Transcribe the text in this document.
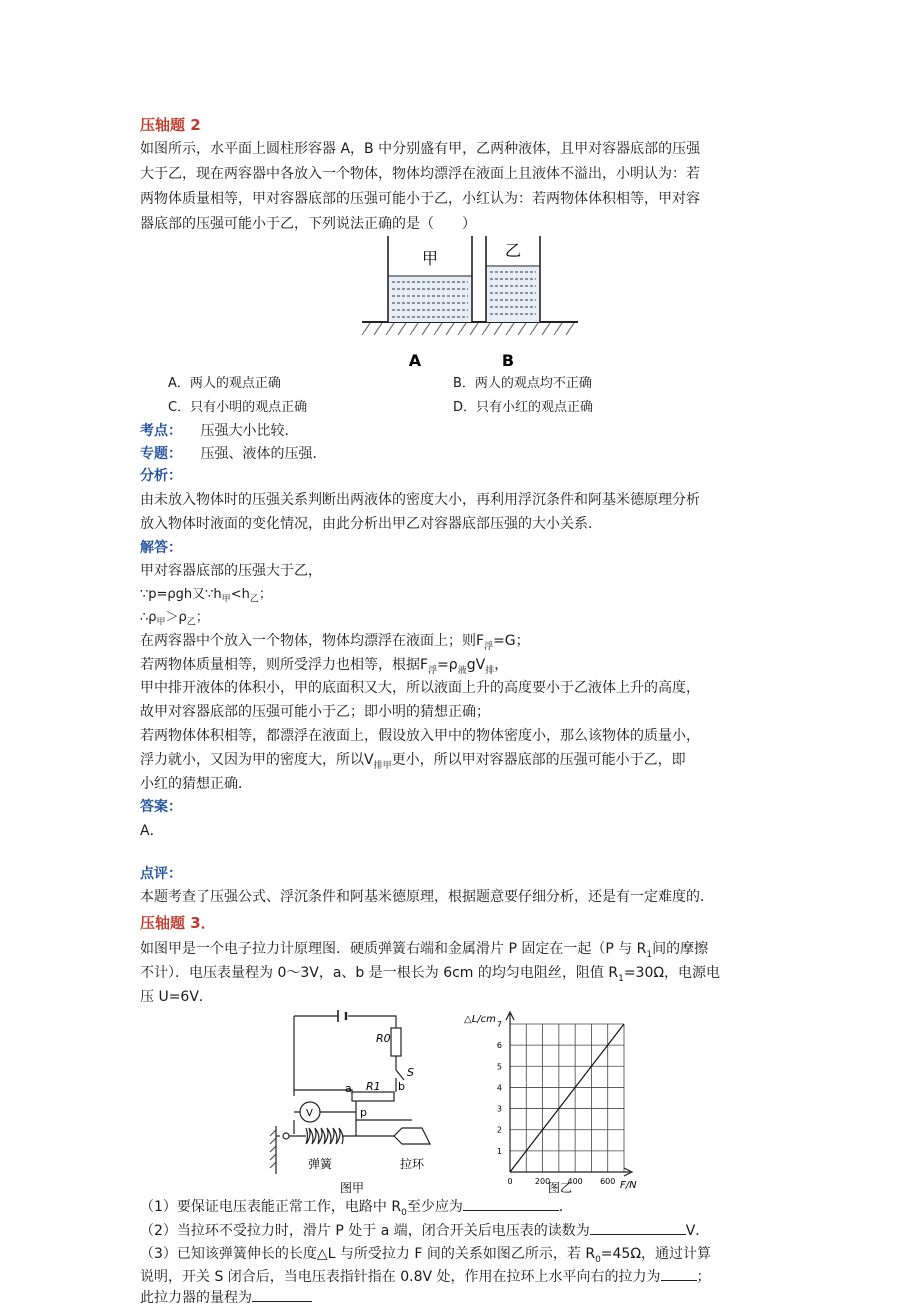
压轴题 2
如图所示，水平面上圆柱形容器 A，B 中分别盛有甲，乙两种液体，且甲对容器底部的压强
大于乙，现在两容器中各放入一个物体，物体均漂浮在液面上且液体不溢出，小明认为：若
两物体质量相等，甲对容器底部的压强可能小于乙，小红认为：若两物体体积相等，甲对容
器底部的压强可能小于乙，下列说法正确的是（　　）
甲	乙
A	B
A．两人的观点正确	B．两人的观点均不正确
C．只有小明的观点正确	D．只有小红的观点正确
考点： 压强大小比较．
专题： 压强、液体的压强．
分析：
由未放入物体时的压强关系判断出两液体的密度大小，再利用浮沉条件和阿基米德原理分析
放入物体时液面的变化情况，由此分析出甲乙对容器底部压强的大小关系．
解答：
甲对容器底部的压强大于乙，
∵p=ρgh又$\because h_甲<h_乙$；
$\therefore\rho_甲>\rho_乙$；
在两容器中个放入一个物体，物体均漂浮在液面上；则$F_浮=G$；
若两物体质量相等，则所受浮力也相等，根据$F_浮=\rho_液gV_排$，
甲中排开液体的体积小，甲的底面积又大，所以液面上升的高度要小于乙液体上升的高度，
故甲对容器底部的压强可能小于乙；即小明的猜想正确；
若两物体体积相等，都漂浮在液面上，假设放入甲中的物体密度小，那么该物体的质量小，
浮力就小，又因为甲的密度大，所以$V_{排甲}$更小，所以甲对容器底部的压强可能小于乙，即
小红的猜想正确．
答案：
A．
点评：
本题考查了压强公式、浮沉条件和阿基米德原理，根据题意要仔细分析，还是有一定难度的．
压轴题 3．
如图甲是一个电子拉力计原理图．硬质弹簧右端和金属滑片 P 固定在一起（P 与 $R_1$间的摩擦
不计）．电压表量程为 0～3V，a、b 是一根长为 6cm 的均匀电阻丝，阻值 $R_1=30\Omega$，电源电
压 U=6V．
R0
R1
S
a	b
p
V
弹簧	拉环
图甲
1
2
3
4
5
6
7
0	200 400 600
△L/cm
F/N
图乙
（1）要保证电压表能正常工作，电路中 $R_0$至少应为	．
（2）当拉环不受拉力时，滑片 P 处于 a 端，闭合开关后电压表的读数为	V．
（3）已知该弹簧伸长的长度△L 与所受拉力 F 间的关系如图乙所示，若 $R_0=45\Omega$，通过计算
说明，开关 S 闭合后，当电压表指针指在 0.8V 处，作用在拉环上水平向右的拉力为	；
此拉力器的量程为
